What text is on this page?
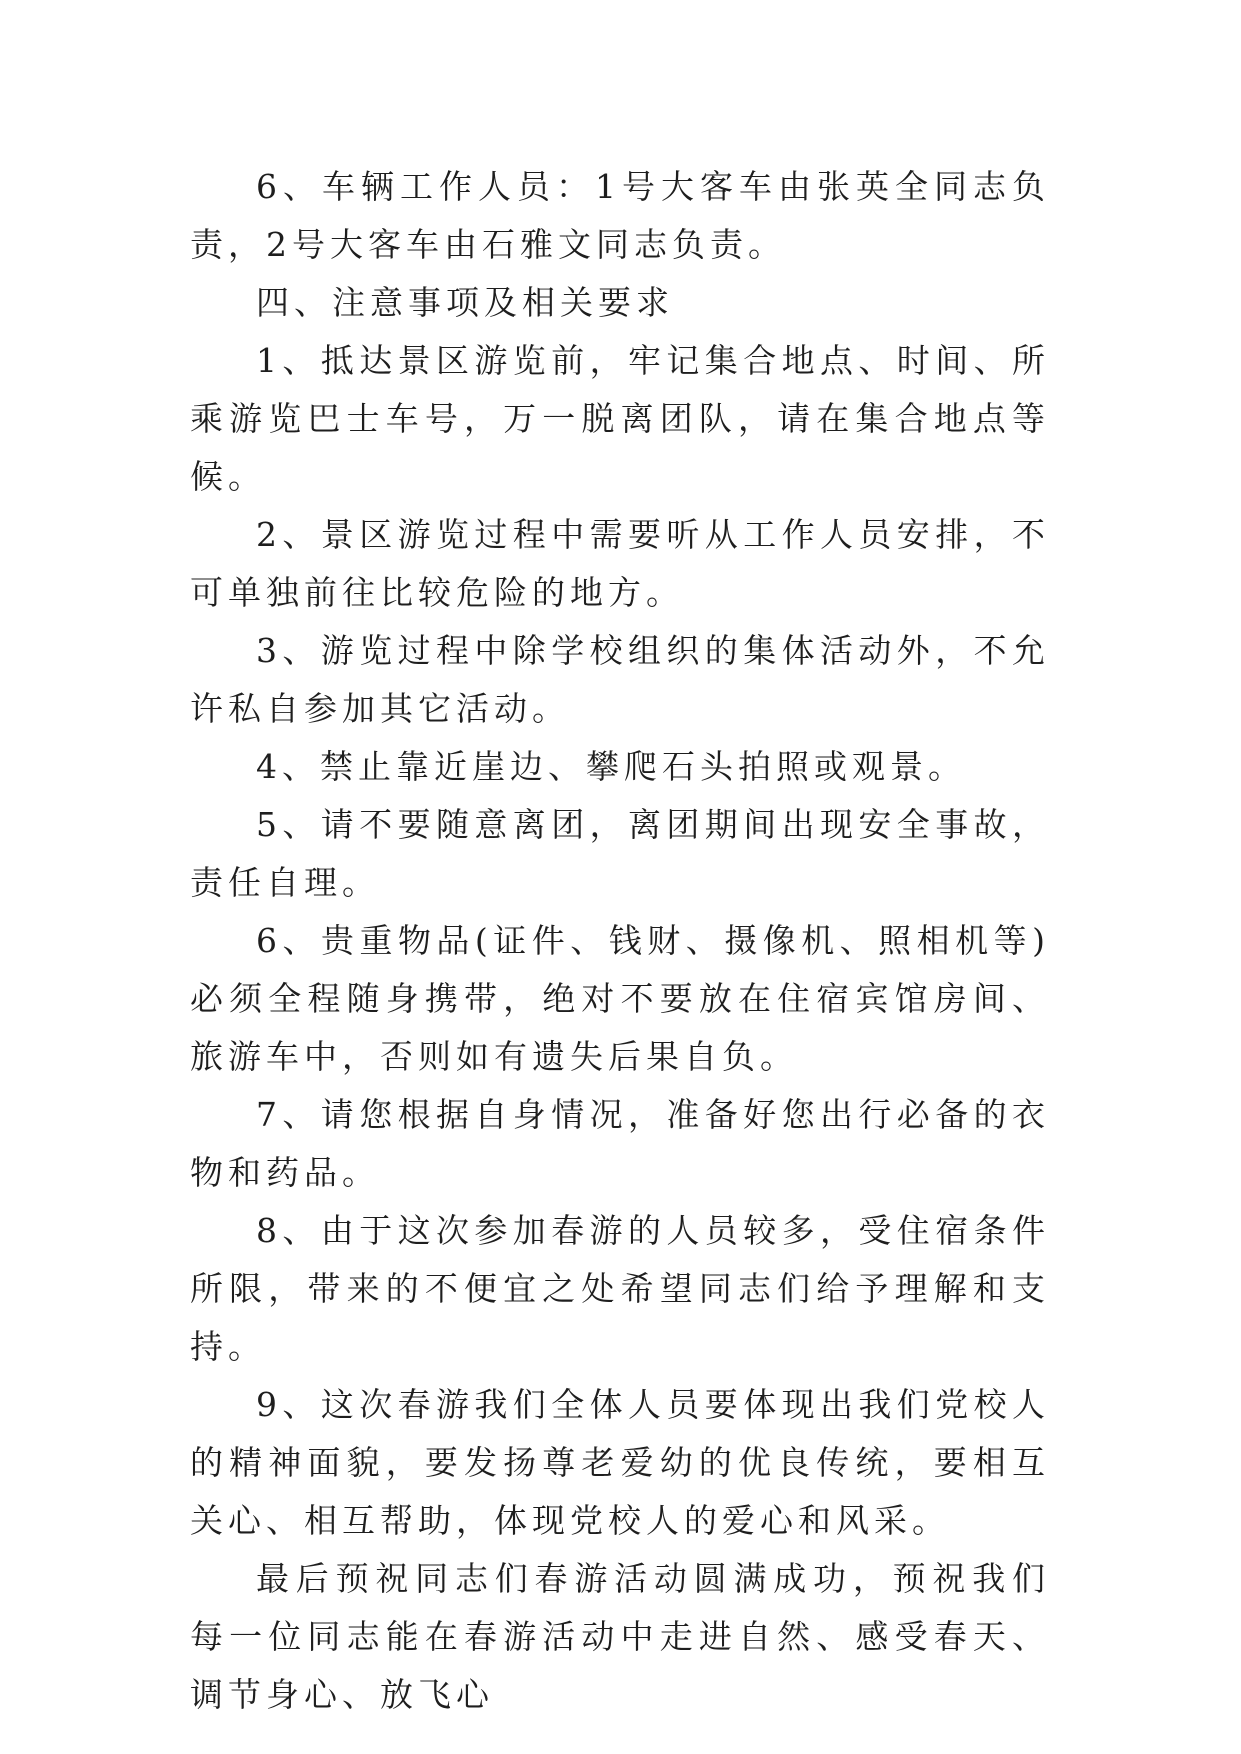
6、车辆工作人员：1号大客车由张英全同志负责，2号大客车由石雅文同志负责。

四、注意事项及相关要求

1、抵达景区游览前，牢记集合地点、时间、所乘游览巴士车号，万一脱离团队，请在集合地点等候。

2、景区游览过程中需要听从工作人员安排，不可单独前往比较危险的地方。

3、游览过程中除学校组织的集体活动外，不允许私自参加其它活动。

4、禁止靠近崖边、攀爬石头拍照或观景。

5、请不要随意离团，离团期间出现安全事故，责任自理。

6、贵重物品(证件、钱财、摄像机、照相机等)必须全程随身携带，绝对不要放在住宿宾馆房间、旅游车中，否则如有遗失后果自负。

7、请您根据自身情况，准备好您出行必备的衣物和药品。

8、由于这次参加春游的人员较多，受住宿条件所限，带来的不便宜之处希望同志们给予理解和支持。

9、这次春游我们全体人员要体现出我们党校人的精神面貌，要发扬尊老爱幼的优良传统，要相互关心、相互帮助，体现党校人的爱心和风采。

最后预祝同志们春游活动圆满成功，预祝我们每一位同志能在春游活动中走进自然、感受春天、调节身心、放飞心
